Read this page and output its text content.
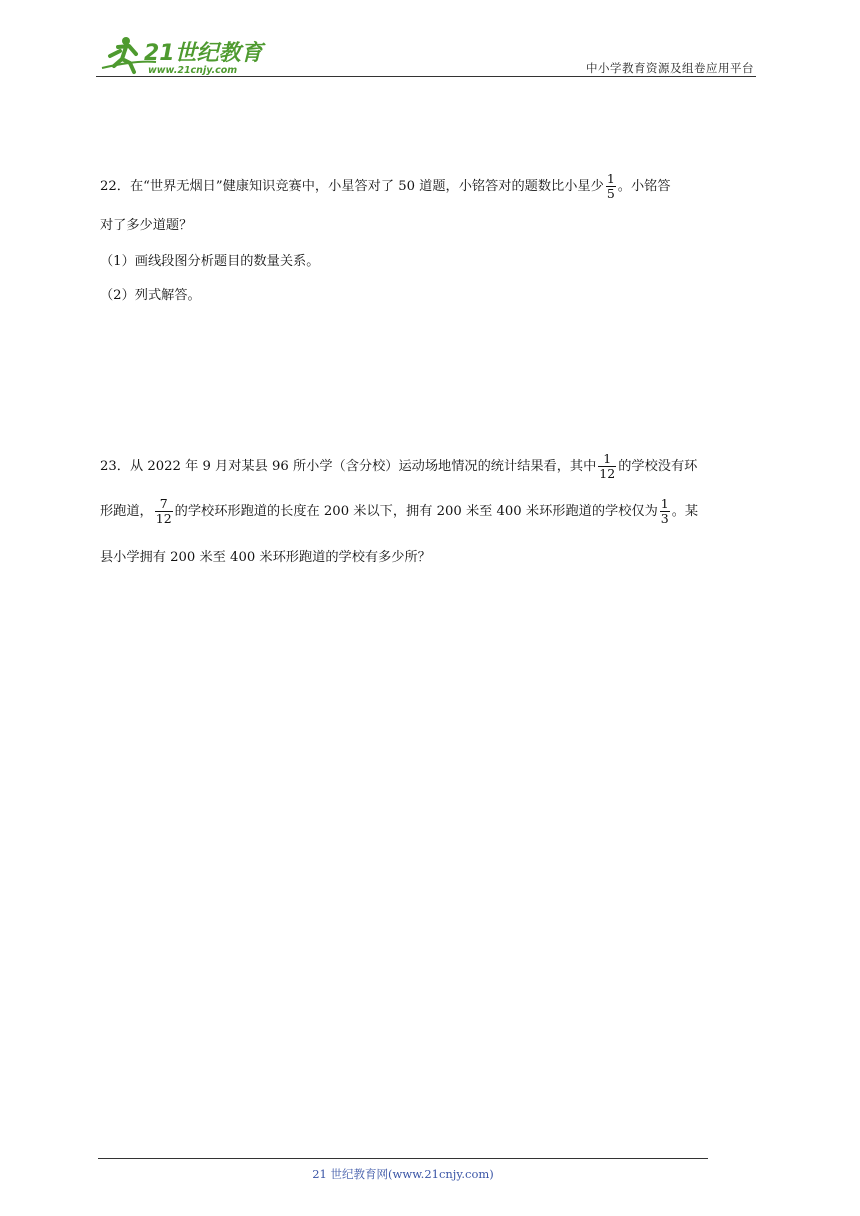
21世纪教育
www.21cnjy.com	中小学教育资源及组卷应用平台
22．在“世界无烟日”健康知识竞赛中，小星答对了 50 道题，小铭答对的题数比小星少 $\frac{1}{5}$ 。小铭答
对了多少道题？
（1）画线段图分析题目的数量关系。
（2）列式解答。
23．从 2022 年 9 月对某县 96 所小学（含分校）运动场地情况的统计结果看，其中 $\frac{1}{12}$ 的学校没有环
形跑道， $\frac{7}{12}$ 的学校环形跑道的长度在 200 米以下，拥有 200 米至 400 米环形跑道的学校仅为 $\frac{1}{3}$ 。某
县小学拥有 200 米至 400 米环形跑道的学校有多少所？
21 世纪教育网(www.21cnjy.com)
